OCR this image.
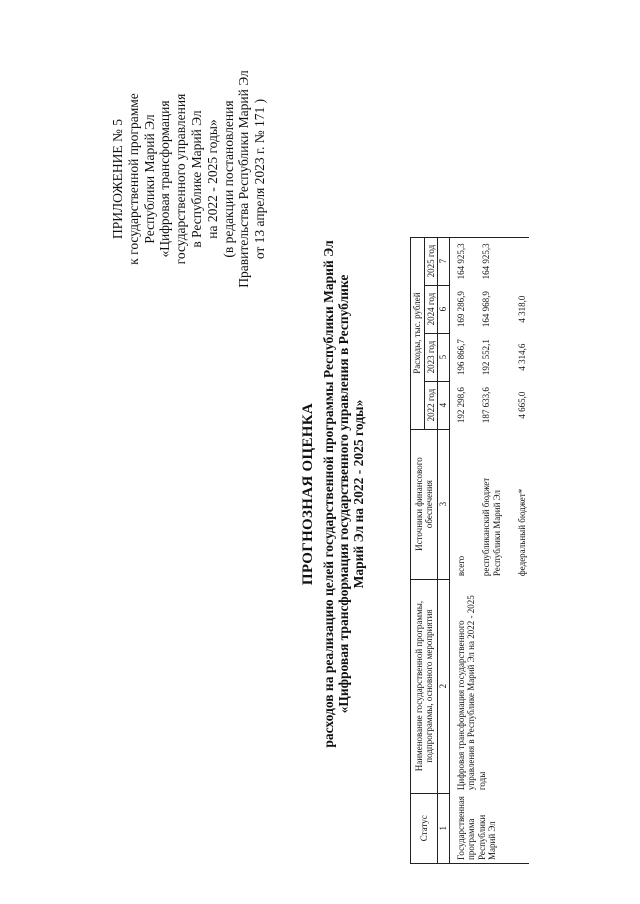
ПРИЛОЖЕНИЕ № 5 к государственной программе Республики Марий Эл «Цифровая трансформация государственного управления в Республике Марий Эл на 2022 - 2025 годы» (в редакции постановления Правительства Республики Марий Эл от 13 апреля 2023 г. № 171 )
ПРОГНОЗНАЯ ОЦЕНКА расходов на реализацию целей государственной программы Республики Марий Эл «Цифровая трансформация государственного управления в Республике Марий Эл на 2022 - 2025 годы»
Статус	Наименование государственной программы, подпрограммы, основного мероприятия	Источники финансового обеспечения	Расходы, тыс. рублей			
			2022 год	2023 год	2024 год	2025 год
1	2	3	4	5	6	7
Государственная программа Республики Марий Эл	Цифровая трансформация государственного управления в Республике Марий Эл на 2022 - 2025 годы	всего	192 298,6	196 866,7	169 286,9	164 925,3
		республиканский бюджет Республики Марий Эл	187 633,6	192 552,1	164 968,9	164 925,3
		федеральный бюджет*	4 665,0	4 314,6	4 318,0	
